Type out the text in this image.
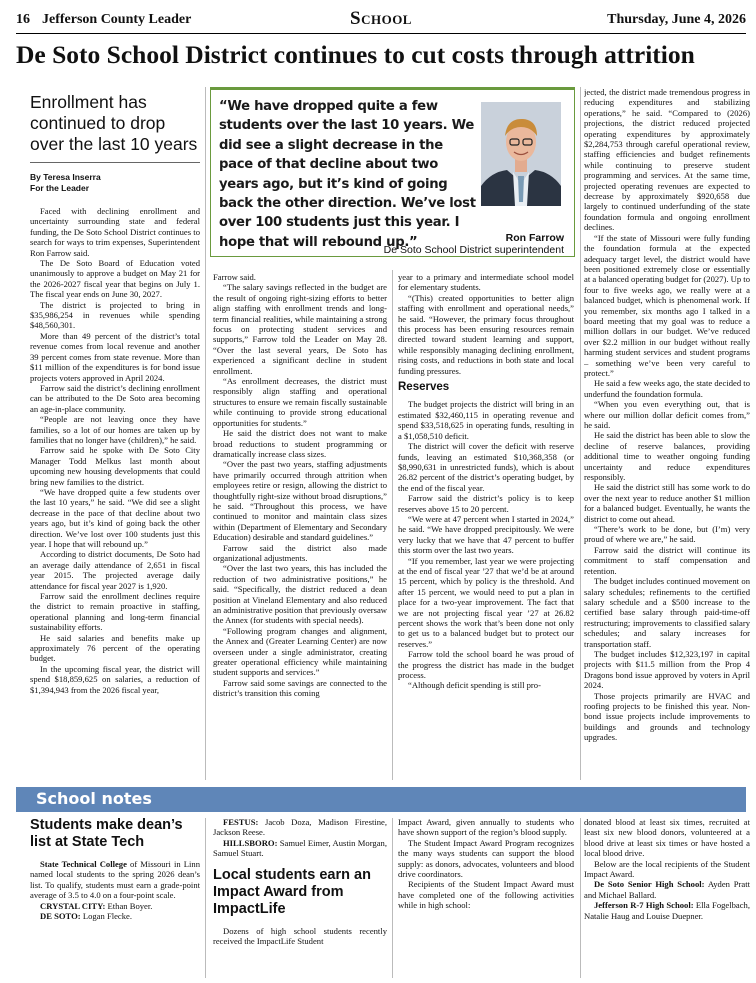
16 Jefferson County Leader	School	Thursday, June 4, 2026
De Soto School District continues to cut costs through attrition
Enrollment has continued to drop over the last 10 years
By Teresa Inserra
For the Leader
“We have dropped quite a few students over the last 10 years. We did see a slight decrease in the pace of that decline about two years ago, but it’s kind of going back the other direction. We’ve lost over 100 students just this year. I hope that will rebound up.”	Ron Farrow
De Soto School District superintendent

Faced with declining enrollment and uncertainty surrounding state and federal funding, the De Soto School District continues to search for ways to trim expenses, Superintendent Ron Farrow said.

The De Soto Board of Education voted unanimously to approve a budget on May 21 for the 2026-2027 fiscal year that begins on July 1. The fiscal year ends on June 30, 2027.

The district is projected to bring in $35,986,254 in revenues while spending $48,560,301.

More than 49 percent of the district’s total revenue comes from local revenue and another 39 percent comes from state revenue. More than $11 million of the expenditures is for bond issue projects voters approved in April 2024.

Farrow said the district’s declining enrollment can be attributed to the De Soto area becoming an age-in-place community.

“People are not leaving once they have families, so a lot of our homes are taken up by families that no longer have (children),” he said.

Farrow said he spoke with De Soto City Manager Todd Melkus last month about upcoming new housing developments that could bring new families to the district.

“We have dropped quite a few students over the last 10 years,” he said. “We did see a slight decrease in the pace of that decline about two years ago, but it’s kind of going back the other direction. We’ve lost over 100 students just this year. I hope that will rebound up.”

According to district documents, De Soto had an average daily attendance of 2,651 in fiscal year 2015. The projected average daily attendance for fiscal year 2027 is 1,920.

Farrow said the enrollment declines require the district to remain proactive in staffing, operational planning and long-term financial sustainability efforts.

He said salaries and benefits make up approximately 76 percent of the operating budget.

In the upcoming fiscal year, the district will spend $18,859,625 on salaries, a reduction of $1,394,943 from the 2026 fiscal year,

Farrow said.

“The salary savings reflected in the budget are the result of ongoing right-sizing efforts to better align staffing with enrollment trends and long-term financial realities, while maintaining a strong focus on protecting student services and supports,” Farrow told the Leader on May 28. “Over the last several years, De Soto has experienced a significant decline in student enrollment.

“As enrollment decreases, the district must responsibly align staffing and operational structures to ensure we remain fiscally sustainable while continuing to provide strong educational opportunities for students.”

He said the district does not want to make broad reductions to student programming or dramatically increase class sizes.

“Over the past two years, staffing adjustments have primarily occurred through attrition when employees retire or resign, allowing the district to thoughtfully right-size without broad disruptions,” he said. “Throughout this process, we have continued to monitor and maintain class sizes within (Department of Elementary and Secondary Education) desirable and standard guidelines.”

Farrow said the district also made organizational adjustments.

“Over the last two years, this has included the reduction of two administrative positions,” he said. “Specifically, the district reduced a dean position at Vineland Elementary and also reduced an administrative position that previously oversaw the Annex (for students with special needs).

“Following program changes and alignment, the Annex and (Greater Learning Center) are now overseen under a single administrator, creating greater operational efficiency while maintaining student supports and services.”

Farrow said some savings are connected to the district’s transition this coming

year to a primary and intermediate school model for elementary students.

“(This) created opportunities to better align staffing with enrollment and operational needs,” he said. “However, the primary focus throughout this process has been ensuring resources remain directed toward student learning and support, while responsibly managing declining enrollment, rising costs, and reductions in both state and local funding pressures.

Reserves

The budget projects the district will bring in an estimated $32,460,115 in operating revenue and spend $33,518,625 in operating funds, resulting in a $1,058,510 deficit.

The district will cover the deficit with reserve funds, leaving an estimated $10,368,358 (or $8,990,631 in unrestricted funds), which is about 26.82 percent of the district’s operating budget, by the end of the fiscal year.

Farrow said the district’s policy is to keep reserves above 15 to 20 percent.

“We were at 47 percent when I started in 2024,” he said. “We have dropped precipitously. We were very lucky that we have that 47 percent to buffer this storm over the last two years.

“If you remember, last year we were projecting at the end of fiscal year ’27 that we’d be at around 15 percent, which by policy is the threshold. And after 15 percent, we would need to put a plan in place for a two-year improvement. The fact that we are not projecting fiscal year ’27 at 26.82 percent shows the work that’s been done not only to get us to a balanced budget but to protect our reserves.”

Farrow told the school board he was proud of the progress the district has made in the budget process.

“Although deficit spending is still pro-

jected, the district made tremendous progress in reducing expenditures and stabilizing operations,” he said. “Compared to (2026) projections, the district reduced projected operating expenditures by approximately $2,284,753 through careful operational review, staffing efficiencies and budget refinements while continuing to preserve student programming and services. At the same time, projected operating revenues are expected to decrease by approximately $920,658 due largely to continued underfunding of the state foundation formula and ongoing enrollment declines.

“If the state of Missouri were fully funding the foundation formula at the expected adequacy target level, the district would have been positioned extremely close or essentially at a balanced operating budget for (2027). Up to four to five weeks ago, we really were at a balanced budget, which is phenomenal work. If you remember, six months ago I talked in a board meeting that my goal was to reduce a million dollars in our budget. We’ve reduced over $2.2 million in our budget without really harming student services and student programs – something we’ve been very careful to protect.”

He said a few weeks ago, the state decided to underfund the foundation formula.

“When you even everything out, that is where our million dollar deficit comes from,” he said.

He said the district has been able to slow the decline of reserve balances, providing additional time to weather ongoing funding uncertainty and reduce expenditures responsibly.

He said the district still has some work to do over the next year to reduce another $1 million for a balanced budget. Eventually, he wants the district to come out ahead.

“There’s work to be done, but (I’m) very proud of where we are,” he said.

Farrow said the district will continue its commitment to staff compensation and retention.

The budget includes continued movement on salary schedules; refinements to the certified salary schedule and a $500 increase to the certified base salary through paid-time-off restructuring; improvements to classified salary schedules; and salary increases for transportation staff.

The budget includes $12,323,197 in capital projects with $11.5 million from the Prop 4 Dragons bond issue approved by voters in April 2024.

Those projects primarily are HVAC and roofing projects to be finished this year. Non-bond issue projects include improvements to buildings and grounds and technology upgrades.

School notes
Students make dean’s list at State Tech

State Technical College of Missouri in Linn named local students to the spring 2026 dean’s list. To qualify, students must earn a grade-point average of 3.5 to 4.0 on a four-point scale.

CRYSTAL CITY: Ethan Boyer.

DE SOTO: Logan Flecke.

FESTUS: Jacob Doza, Madison Firestine, Jackson Reese.

HILLSBORO: Samuel Eimer, Austin Morgan, Samuel Stuart.

Local students earn an Impact Award from ImpactLife

Dozens of high school students recently received the ImpactLife Student

Impact Award, given annually to students who have shown support of the region’s blood supply.

The Student Impact Award Program recognizes the many ways students can support the blood supply: as donors, advocates, volunteers and blood drive coordinators.

Recipients of the Student Impact Award must have completed one of the following activities while in high school:

donated blood at least six times, recruited at least six new blood donors, volunteered at a blood drive at least six times or have hosted a local blood drive.

Below are the local recipients of the Student Impact Award.

De Soto Senior High School: Ayden Pratt and Michael Ballard.

Jefferson R-7 High School: Ella Fogelbach, Natalie Haug and Louise Duepner.
